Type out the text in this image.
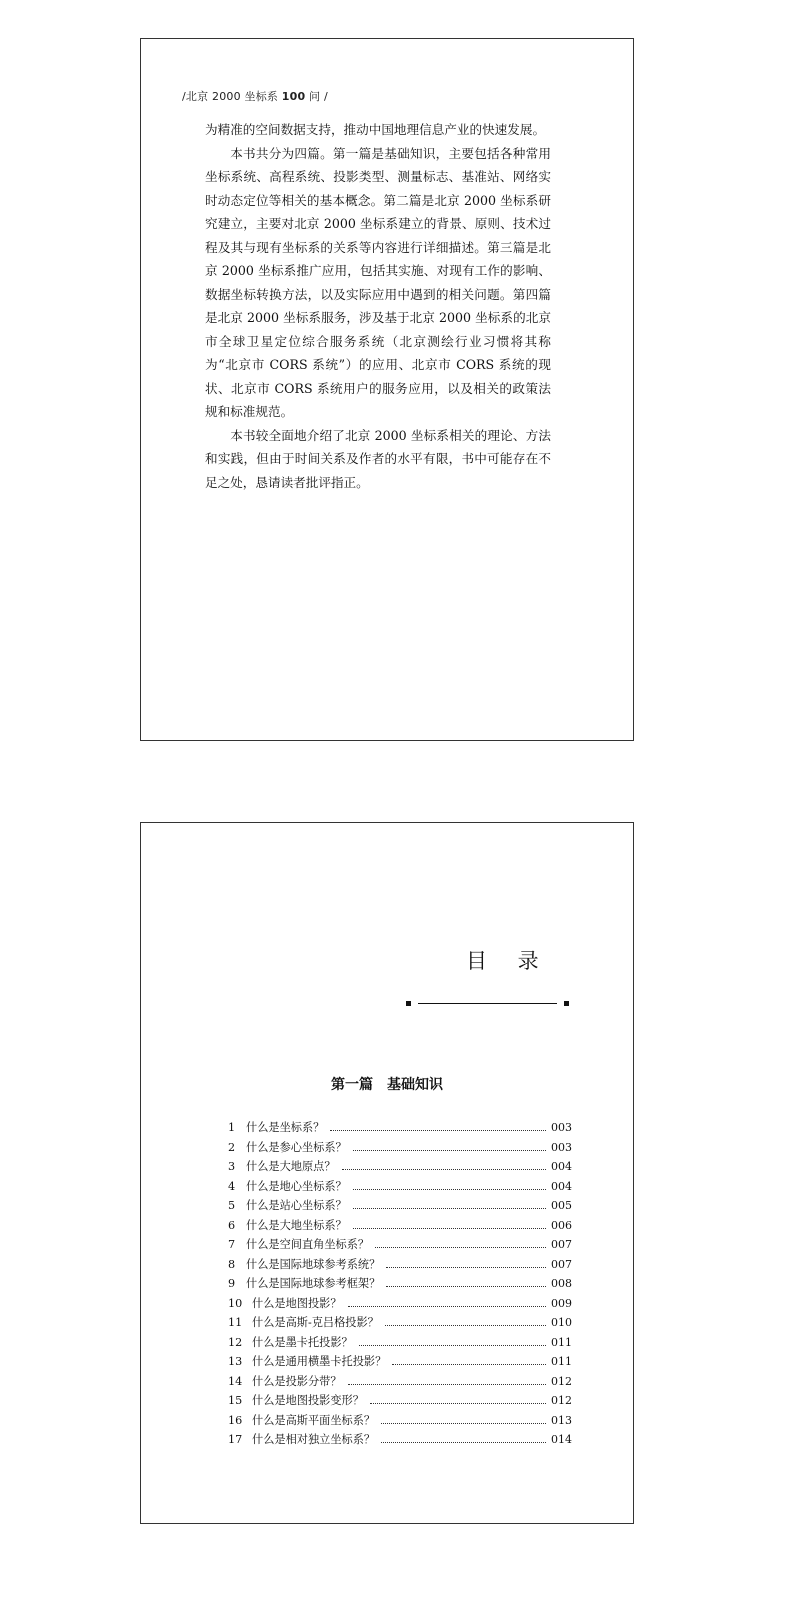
/北京 2000 坐标系 100 问 /

为精准的空间数据支持，推动中国地理信息产业的快速发展。

本书共分为四篇。第一篇是基础知识，主要包括各种常用坐标系统、高程系统、投影类型、测量标志、基准站、网络实时动态定位等相关的基本概念。第二篇是北京 2000 坐标系研究建立，主要对北京 2000 坐标系建立的背景、原则、技术过程及其与现有坐标系的关系等内容进行详细描述。第三篇是北京 2000 坐标系推广应用，包括其实施、对现有工作的影响、数据坐标转换方法，以及实际应用中遇到的相关问题。第四篇是北京 2000 坐标系服务，涉及基于北京 2000 坐标系的北京市全球卫星定位综合服务系统（北京测绘行业习惯将其称为“北京市 CORS 系统”）的应用、北京市 CORS 系统的现状、北京市 CORS 系统用户的服务应用，以及相关的政策法规和标准规范。

本书较全面地介绍了北京 2000 坐标系相关的理论、方法和实践，但由于时间关系及作者的水平有限，书中可能存在不足之处，恳请读者批评指正。

目 录
第一篇　基础知识
1 什么是坐标系？	003
2 什么是参心坐标系？	003
3 什么是大地原点？	004
4 什么是地心坐标系？	004
5 什么是站心坐标系？	005
6 什么是大地坐标系？	006
7 什么是空间直角坐标系？	007
8 什么是国际地球参考系统？	007
9 什么是国际地球参考框架？	008
10 什么是地图投影？	009
11 什么是高斯-克吕格投影？	010
12 什么是墨卡托投影？	011
13 什么是通用横墨卡托投影？	011
14 什么是投影分带？	012
15 什么是地图投影变形？	012
16 什么是高斯平面坐标系？	013
17 什么是相对独立坐标系？	014
